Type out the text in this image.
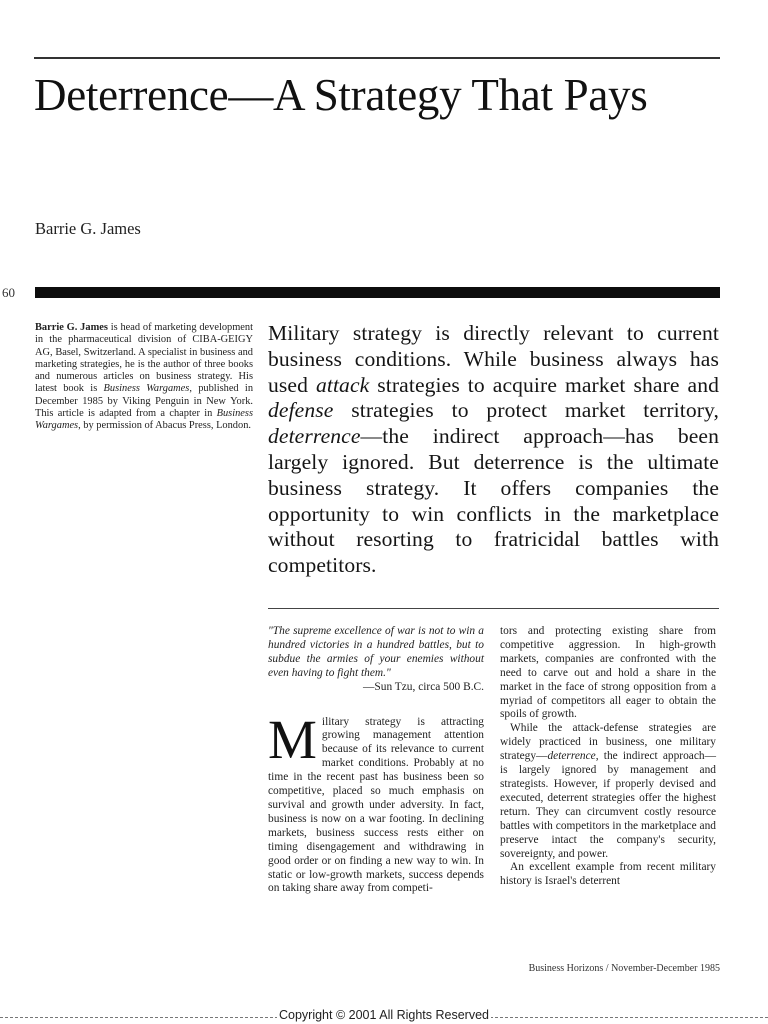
Deterrence—A Strategy That Pays
Barrie G. James
60
Barrie G. James is head of marketing development in the pharmaceutical division of CIBA-GEIGY AG, Basel, Switzerland. A specialist in business and marketing strategies, he is the author of three books and numerous articles on business strategy. His latest book is Business Wargames, published in December 1985 by Viking Penguin in New York. This article is adapted from a chapter in Business Wargames, by permission of Abacus Press, London.
Military strategy is directly relevant to current business conditions. While business always has used attack strategies to acquire market share and defense strategies to protect market territory, deterrence—the indirect approach—has been largely ignored. But deterrence is the ultimate business strategy. It offers companies the opportunity to win conflicts in the marketplace without resorting to fratricidal battles with competitors.

"The supreme excellence of war is not to win a hundred victories in a hundred battles, but to subdue the armies of your enemies without even having to fight them."

—Sun Tzu, circa 500 B.C.

Military strategy is attracting growing management attention because of its relevance to current market conditions. Probably at no time in the recent past has business been so competitive, placed so much emphasis on survival and growth under adversity. In fact, business is now on a war footing. In declining markets, business success rests either on timing disengagement and withdrawing in good order or on finding a new way to win. In static or low-growth markets, success depends on taking share away from competi-

tors and protecting existing share from competitive aggression. In high-growth markets, companies are confronted with the need to carve out and hold a share in the market in the face of strong opposition from a myriad of competitors all eager to obtain the spoils of growth.

While the attack-defense strategies are widely practiced in business, one military strategy—deterrence, the indirect approach—is largely ignored by management and strategists. However, if properly devised and executed, deterrent strategies offer the highest return. They can circumvent costly resource battles with competitors in the marketplace and preserve intact the company's security, sovereignty, and power.

An excellent example from recent military history is Israel's deterrent

Business Horizons / November-December 1985
Copyright © 2001 All Rights Reserved
